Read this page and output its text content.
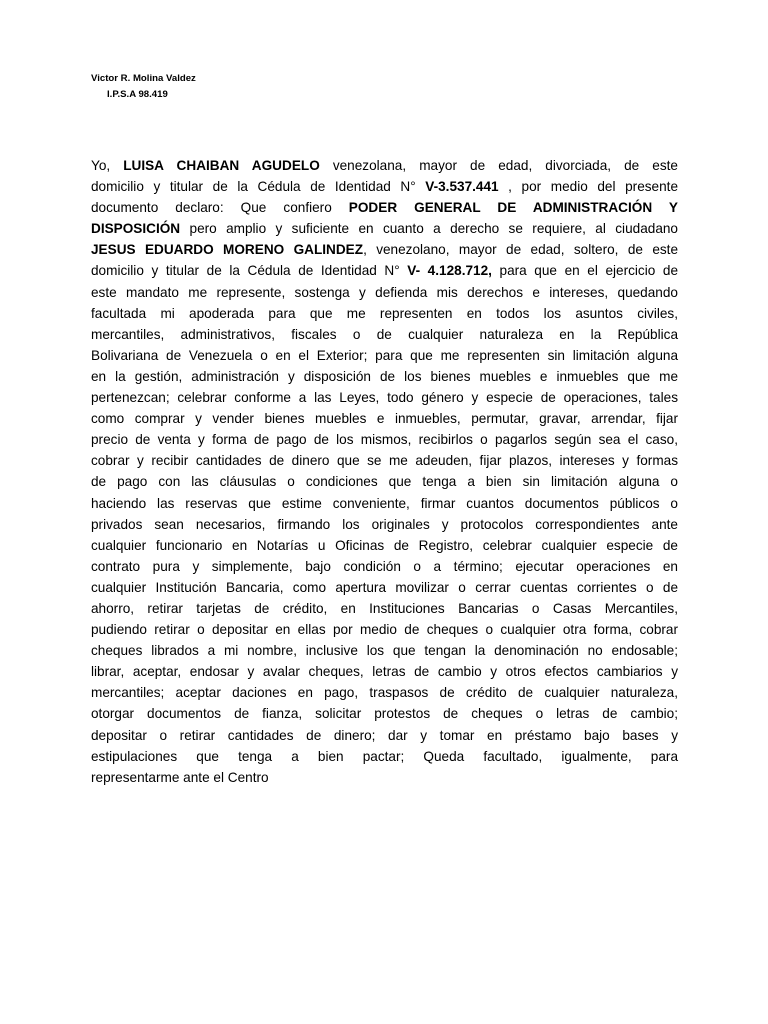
Victor R. Molina Valdez
I.P.S.A 98.419
Yo, LUISA CHAIBAN AGUDELO venezolana, mayor de edad, divorciada, de este
domicilio y titular de la Cédula de Identidad N° V-3.537.441 , por medio del presente
documento declaro: Que confiero PODER GENERAL DE ADMINISTRACIÓN Y
DISPOSICIÓN pero amplio y suficiente en cuanto a derecho se requiere, al ciudadano
JESUS EDUARDO MORENO GALINDEZ, venezolano, mayor de edad, soltero, de este
domicilio y titular de la Cédula de Identidad N° V- 4.128.712, para que en el ejercicio de
este mandato me represente, sostenga y defienda mis derechos e intereses, quedando
facultada mi apoderada para que me representen en todos los asuntos civiles,
mercantiles, administrativos, fiscales o de cualquier naturaleza en la República
Bolivariana de Venezuela o en el Exterior; para que me representen sin limitación alguna
en la gestión, administración y disposición de los bienes muebles e inmuebles que me
pertenezcan; celebrar conforme a las Leyes, todo género y especie de operaciones, tales
como comprar y vender bienes muebles e inmuebles, permutar, gravar, arrendar, fijar
precio de venta y forma de pago de los mismos, recibirlos o pagarlos según sea el caso,
cobrar y recibir cantidades de dinero que se me adeuden, fijar plazos, intereses y formas
de pago con las cláusulas o condiciones que tenga a bien sin limitación alguna o
haciendo las reservas que estime conveniente, firmar cuantos documentos públicos o
privados sean necesarios, firmando los originales y protocolos correspondientes ante
cualquier funcionario en Notarías u Oficinas de Registro, celebrar cualquier especie de
contrato pura y simplemente, bajo condición o a término; ejecutar operaciones en
cualquier Institución Bancaria, como apertura movilizar o cerrar cuentas corrientes o de
ahorro, retirar tarjetas de crédito, en Instituciones Bancarias o Casas Mercantiles,
pudiendo retirar o depositar en ellas por medio de cheques o cualquier otra forma, cobrar
cheques librados a mi nombre, inclusive los que tengan la denominación no endosable;
librar, aceptar, endosar y avalar cheques, letras de cambio y otros efectos cambiarios y
mercantiles; aceptar daciones en pago, traspasos de crédito de cualquier naturaleza,
otorgar documentos de fianza, solicitar protestos de cheques o letras de cambio;
depositar o retirar cantidades de dinero; dar y tomar en préstamo bajo bases y
estipulaciones que tenga a bien pactar; Queda facultado, igualmente, para
representarme ante el Centro
